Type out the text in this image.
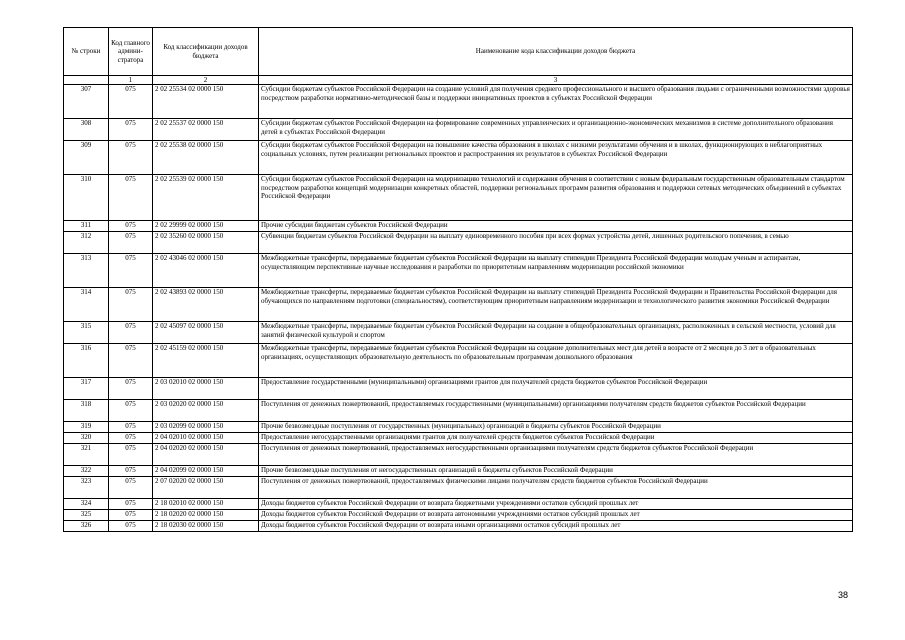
№ строки	Код главного админи-стратора	Код классификации доходов бюджета	Наименование кода классификации доходов бюджета
	1	2	3
307	075	2 02 25534 02 0000 150	Субсидии бюджетам субъектов Российской Федерации на создание условий для получения среднего профессионального и высшего образования людьми с ограниченными возможностями здоровья посредством разработки нормативно-методической базы и поддержки инициативных проектов в субъектах Российской Федерации
308	075	2 02 25537 02 0000 150	Субсидии бюджетам субъектов Российской Федерации на формирование современных управленческих и организационно-экономических механизмов в системе дополнительного образования детей в субъектах Российской Федерации
309	075	2 02 25538 02 0000 150	Субсидии бюджетам субъектов Российской Федерации на повышение качества образования в школах с низкими результатами обучения и в школах, функционирующих в неблагоприятных социальных условиях, путем реализации региональных проектов и распространения их результатов в субъектах Российской Федерации
310	075	2 02 25539 02 0000 150	Субсидии бюджетам субъектов Российской Федерации на модернизацию технологий и содержания обучения в соответствии с новым федеральным государственным образовательным стандартом посредством разработки концепций модернизации конкретных областей, поддержки региональных программ развития образования и поддержки сетевых методических объединений в субъектах Российской Федерации
311	075	2 02 29999 02 0000 150	Прочие субсидии бюджетам субъектов Российской Федерации
312	075	2 02 35260 02 0000 150	Субвенции бюджетам субъектов Российской Федерации на выплату единовременного пособия при всех формах устройства детей, лишенных родительского попечения, в семью
313	075	2 02 43046 02 0000 150	Межбюджетные трансферты, передаваемые бюджетам субъектов Российской Федерации на выплату стипендии Президента Российской Федерации молодым ученым и аспирантам, осуществляющим перспективные научные исследования и разработки по приоритетным направлениям модернизации российской экономики
314	075	2 02 43893 02 0000 150	Межбюджетные трансферты, передаваемые бюджетам субъектов Российской Федерации на выплату стипендий Президента Российской Федерации и Правительства Российской Федерации для обучающихся по направлениям подготовки (специальностям), соответствующим приоритетным направлениям модернизации и технологического развития экономики Российской Федерации
315	075	2 02 45097 02 0000 150	Межбюджетные трансферты, передаваемые бюджетам субъектов Российской Федерации на создание в общеобразовательных организациях, расположенных в сельской местности, условий для занятий физической культурой и спортом
316	075	2 02 45159 02 0000 150	Межбюджетные трансферты, передаваемые бюджетам субъектов Российской Федерации на создание дополнительных мест для детей в возрасте от 2 месяцев до 3 лет в образовательных организациях, осуществляющих образовательную деятельность по образовательным программам дошкольного образования
317	075	2 03 02010 02 0000 150	Предоставление государственными (муниципальными) организациями грантов для получателей средств бюджетов субъектов Российской Федерации
318	075	2 03 02020 02 0000 150	Поступления от денежных пожертвований, предоставляемых государственными (муниципальными) организациями получателям средств бюджетов субъектов Российской Федерации
319	075	2 03 02099 02 0000 150	Прочие безвозмездные поступления от государственных (муниципальных) организаций в бюджеты субъектов Российской Федерации
320	075	2 04 02010 02 0000 150	Предоставление негосударственными организациями грантов для получателей средств бюджетов субъектов Российской Федерации
321	075	2 04 02020 02 0000 150	Поступления от денежных пожертвований, предоставляемых негосударственными организациями получателям средств бюджетов субъектов Российской Федерации
322	075	2 04 02099 02 0000 150	Прочие безвозмездные поступления от негосударственных организаций в бюджеты субъектов Российской Федерации
323	075	2 07 02020 02 0000 150	Поступления от денежных пожертвований, предоставляемых физическими лицами получателям средств бюджетов субъектов Российской Федерации
324	075	2 18 02010 02 0000 150	Доходы бюджетов субъектов Российской Федерации от возврата бюджетными учреждениями остатков субсидий прошлых лет
325	075	2 18 02020 02 0000 150	Доходы бюджетов субъектов Российской Федерации от возврата автономными учреждениями остатков субсидий прошлых лет
326	075	2 18 02030 02 0000 150	Доходы бюджетов субъектов Российской Федерации от возврата иными организациями остатков субсидий прошлых лет
38
